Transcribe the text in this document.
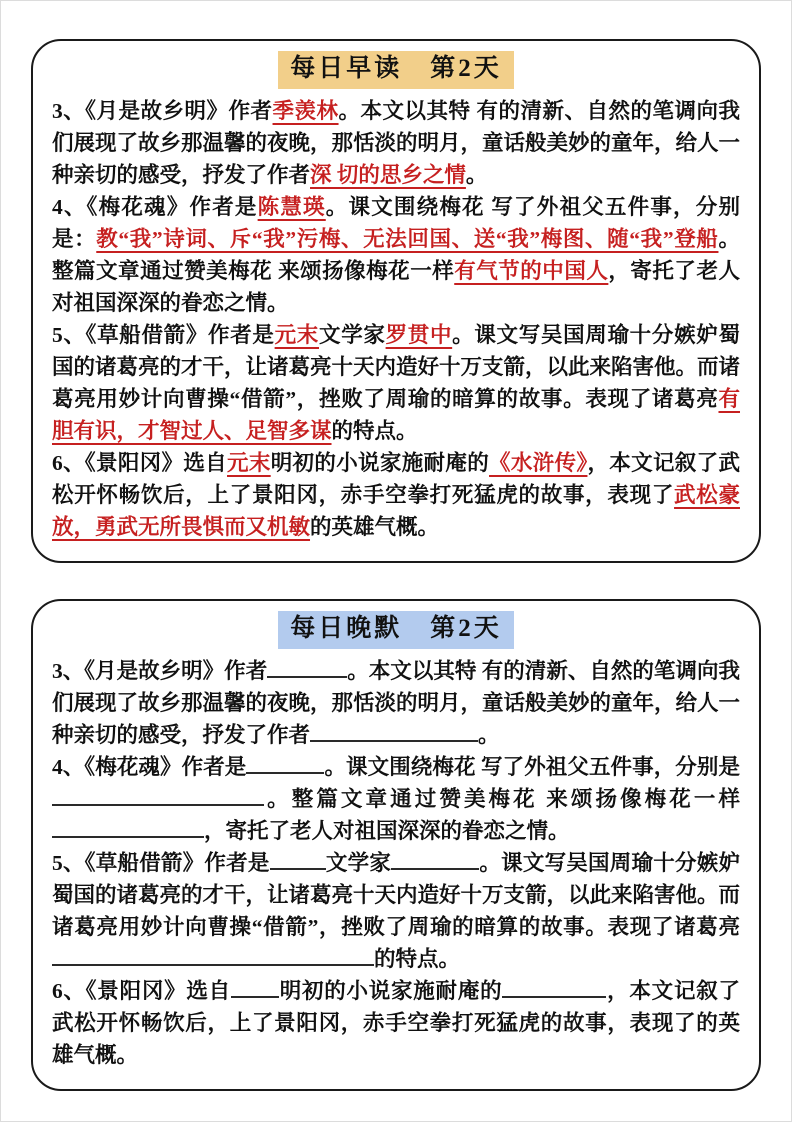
每日早读　第2天

3、《月是故乡明》作者季羡林。本文以其特 有的清新、自然的笔调向我们展现了故乡那温馨的夜晚，那恬淡的明月，童话般美妙的童年，给人一种亲切的感受，抒发了作者深 切的思乡之情。

4、《梅花魂》作者是陈慧瑛。课文围绕梅花 写了外祖父五件事，分别是：教“我”诗词、斥“我”污梅、无法回国、送“我”梅图、随“我”登船。整篇文章通过赞美梅花 来颂扬像梅花一样有气节的中国人，寄托了老人对祖国深深的眷恋之情。

5、《草船借箭》作者是元末文学家罗贯中。课文写吴国周瑜十分嫉妒蜀国的诸葛亮的才干，让诸葛亮十天内造好十万支箭，以此来陷害他。而诸葛亮用妙计向曹操“借箭”，挫败了周瑜的暗算的故事。表现了诸葛亮有胆有识，才智过人、足智多谋的特点。

6、《景阳冈》选自元末明初的小说家施耐庵的《水浒传》，本文记叙了武松开怀畅饮后，上了景阳冈，赤手空拳打死猛虎的故事，表现了武松豪放，勇武无所畏惧而又机敏的英雄气概。

每日晚默　第2天

3、《月是故乡明》作者	。本文以其特 有的清新、自然的笔调向我们展现了故乡那温馨的夜晚，那恬淡的明月，童话般美妙的童年，给人一种亲切的感受，抒发了作者	。

4、《梅花魂》作者是	。课文围绕梅花 写了外祖父五件事，分别是。整篇文章通过赞美梅花 来颂扬像梅花一样，寄托了老人对祖国深深的眷恋之情。

5、《草船借箭》作者是	文学家	。课文写吴国周瑜十分嫉妒蜀国的诸葛亮的才干，让诸葛亮十天内造好十万支箭，以此来陷害他。而诸葛亮用妙计向曹操“借箭”，挫败了周瑜的暗算的故事。表现了诸葛亮的特点。

6、《景阳冈》选自 明初的小说家施耐庵的	，本文记叙了武松开怀畅饮后，上了景阳冈，赤手空拳打死猛虎的故事，表现了的英雄气概。
